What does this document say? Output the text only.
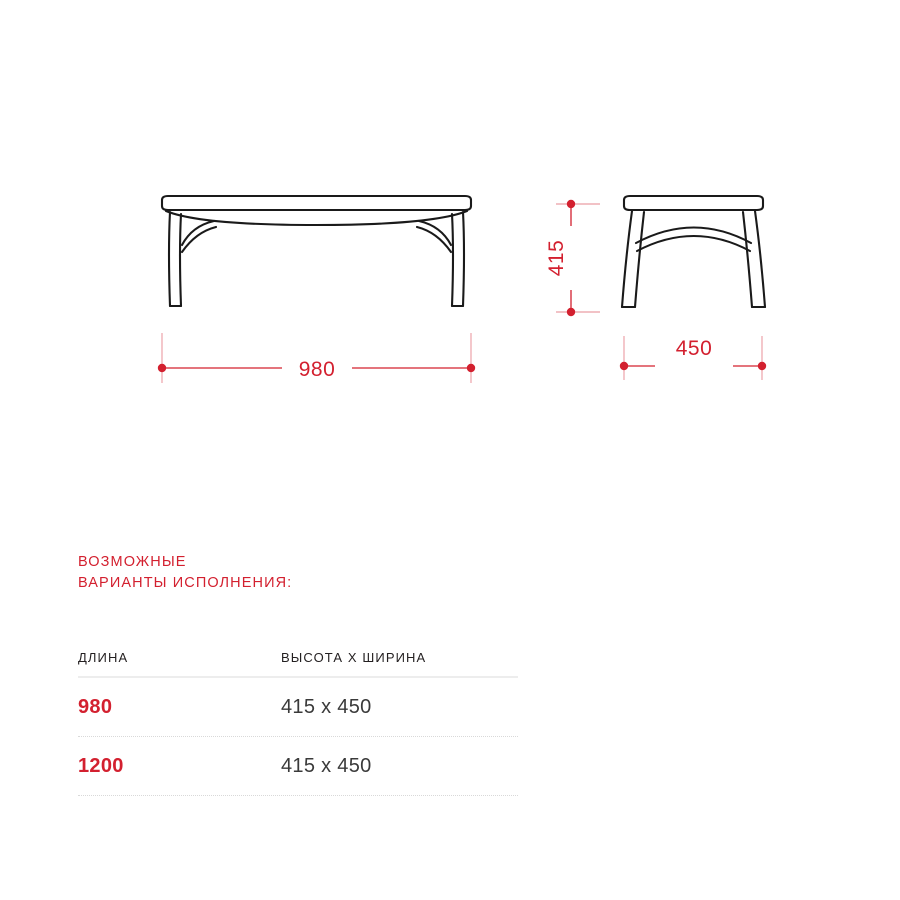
980
415
450
ВОЗМОЖНЫЕ
ВАРИАНТЫ ИСПОЛНЕНИЯ:
ДЛИНА	ВЫСОТА X ШИРИНА
980	415 x 450
1200	415 x 450
